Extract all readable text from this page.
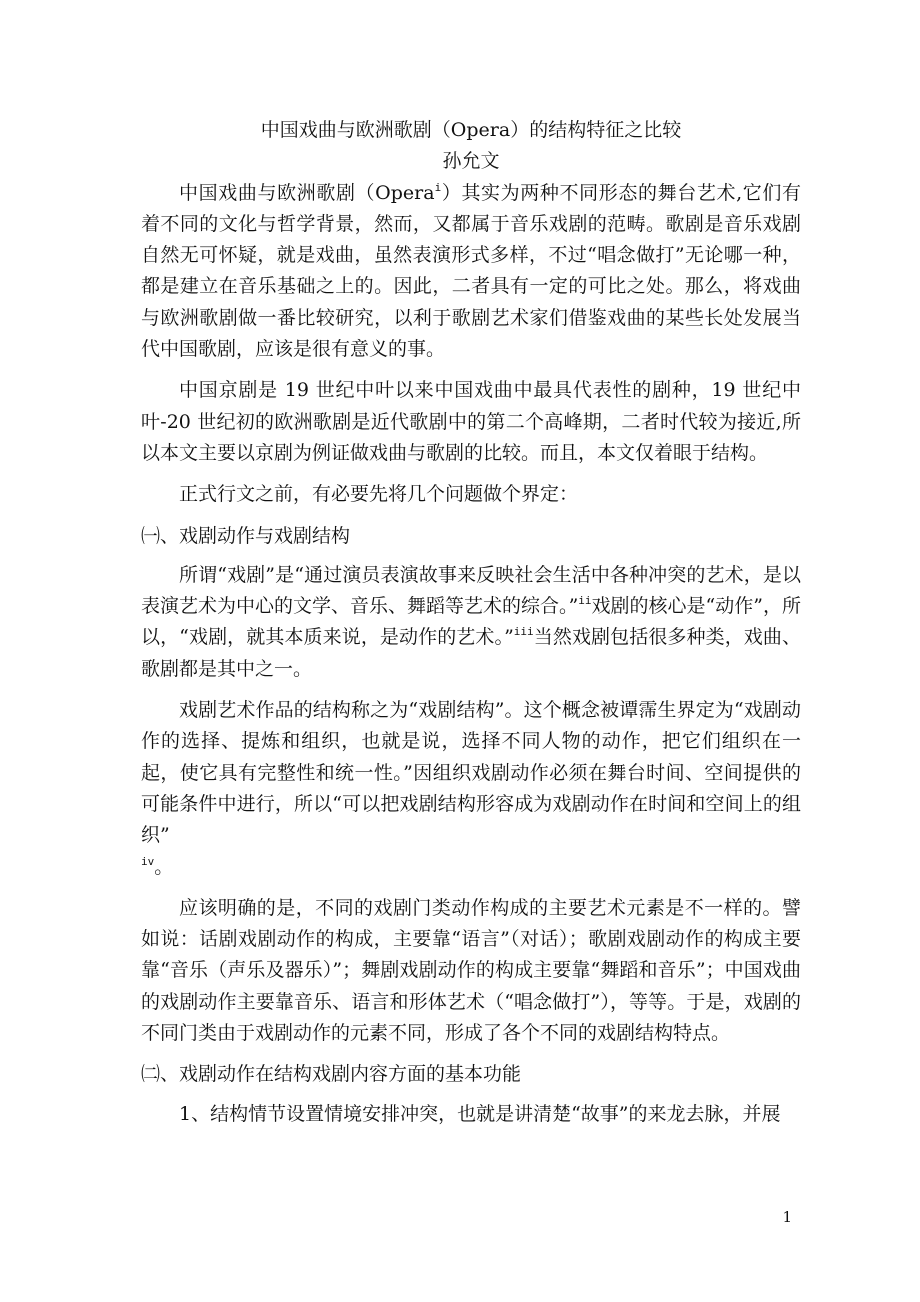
中国戏曲与欧洲歌剧（Opera）的结构特征之比较

孙允文

中国戏曲与欧洲歌剧（Opera$^i$）其实为两种不同形态的舞台艺术,它们有着不同的文化与哲学背景，然而，又都属于音乐戏剧的范畴。歌剧是音乐戏剧自然无可怀疑，就是戏曲，虽然表演形式多样，不过“唱念做打”无论哪一种，都是建立在音乐基础之上的。因此，二者具有一定的可比之处。那么，将戏曲与欧洲歌剧做一番比较研究，以利于歌剧艺术家们借鉴戏曲的某些长处发展当代中国歌剧，应该是很有意义的事。

中国京剧是 19 世纪中叶以来中国戏曲中最具代表性的剧种，19 世纪中叶-20 世纪初的欧洲歌剧是近代歌剧中的第二个高峰期，二者时代较为接近,所以本文主要以京剧为例证做戏曲与歌剧的比较。而且，本文仅着眼于结构。

正式行文之前，有必要先将几个问题做个界定：

㈠、戏剧动作与戏剧结构

所谓“戏剧”是“通过演员表演故事来反映社会生活中各种冲突的艺术，是以表演艺术为中心的文学、音乐、舞蹈等艺术的综合。”$^{ii}$戏剧的核心是“动作”，所以，“戏剧，就其本质来说，是动作的艺术。”$^{iii}$当然戏剧包括很多种类，戏曲、歌剧都是其中之一。

戏剧艺术作品的结构称之为“戏剧结构”。这个概念被谭霈生界定为“戏剧动作的选择、提炼和组织，也就是说，选择不同人物的动作，把它们组织在一起，使它具有完整性和统一性。”因组织戏剧动作必须在舞台时间、空间提供的可能条件中进行，所以“可以把戏剧结构形容成为戏剧动作在时间和空间上的组织”
$^{iv}$。

应该明确的是，不同的戏剧门类动作构成的主要艺术元素是不一样的。譬如说：话剧戏剧动作的构成，主要靠“语言”（对话）；歌剧戏剧动作的构成主要靠“音乐（声乐及器乐）”；舞剧戏剧动作的构成主要靠“舞蹈和音乐”；中国戏曲的戏剧动作主要靠音乐、语言和形体艺术（“唱念做打”），等等。于是，戏剧的不同门类由于戏剧动作的元素不同，形成了各个不同的戏剧结构特点。

㈡、戏剧动作在结构戏剧内容方面的基本功能

1、结构情节设置情境安排冲突，也就是讲清楚“故事”的来龙去脉，并展

1
